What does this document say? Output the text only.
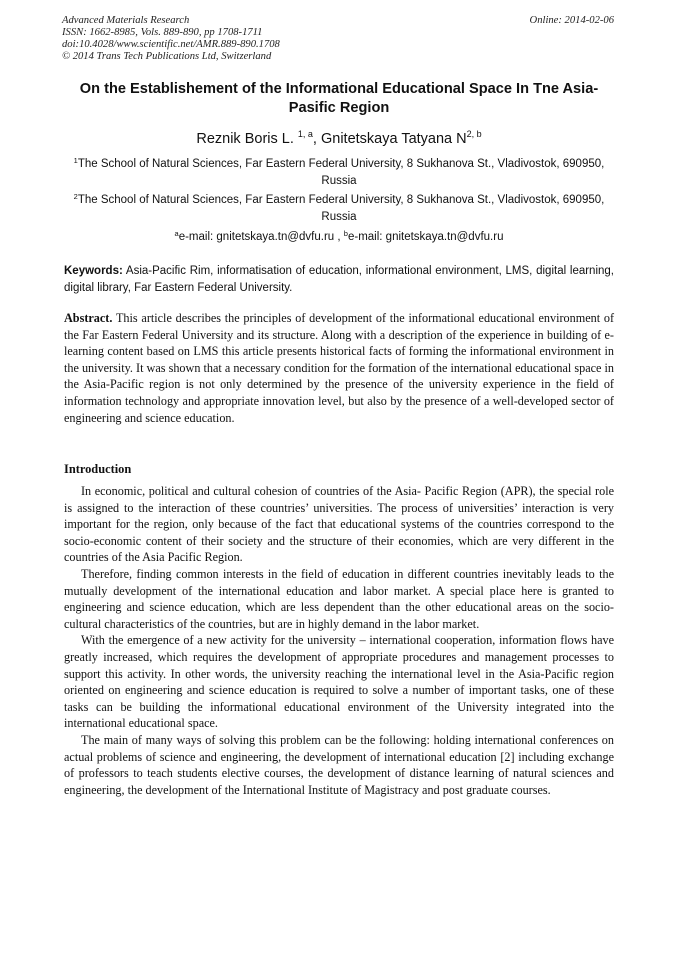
Advanced Materials Research
ISSN: 1662-8985, Vols. 889-890, pp 1708-1711
doi:10.4028/www.scientific.net/AMR.889-890.1708
© 2014 Trans Tech Publications Ltd, Switzerland
Online: 2014-02-06
On the Establishement of the Informational Educational Space In Tne Asia-Pasific Region
Reznik Boris L. $^{1, a}$, Gnitetskaya Tatyana N$^{2, b}$
$^1$The School of Natural Sciences, Far Eastern Federal University, 8 Sukhanova St., Vladivostok, 690950, Russia
$^2$The School of Natural Sciences, Far Eastern Federal University, 8 Sukhanova St., Vladivostok, 690950, Russia
$^a$e-mail: gnitetskaya.tn@dvfu.ru , $^b$e-mail: gnitetskaya.tn@dvfu.ru
Keywords: Asia-Pacific Rim, informatisation of education, informational environment, LMS, digital learning, digital library, Far Eastern Federal University.
Abstract. This article describes the principles of development of the informational educational environment of the Far Eastern Federal University and its structure. Along with a description of the experience in building of e-learning content based on LMS this article presents historical facts of forming the informational environment in the university. It was shown that a necessary condition for the formation of the international educational space in the Asia-Pacific region is not only determined by the presence of the university experience in the field of information technology and appropriate innovation level, but also by the presence of a well-developed sector of engineering and science education.
Introduction

In economic, political and cultural cohesion of countries of the Asia- Pacific Region (APR), the special role is assigned to the interaction of these countries’ universities. The process of universities’ interaction is very important for the region, only because of the fact that educational systems of the countries correspond to the socio-economic content of their society and the structure of their economies, which are very different in the countries of the Asia Pacific Region.

Therefore, finding common interests in the field of education in different countries inevitably leads to the mutually development of the international education and labor market. A special place here is granted to engineering and science education, which are less dependent than the other educational areas on the socio-cultural characteristics of the countries, but are in highly demand in the labor market.

With the emergence of a new activity for the university – international cooperation, information flows have greatly increased, which requires the development of appropriate procedures and management processes to support this activity. In other words, the university reaching the international level in the Asia-Pacific region oriented on engineering and science education is required to solve a number of important tasks, one of these tasks can be building the informational educational environment of the University integrated into the international educational space.

The main of many ways of solving this problem can be the following: holding international conferences on actual problems of science and engineering, the development of international education [2] including exchange of professors to teach students elective courses, the development of distance learning of natural sciences and engineering, the development of the International Institute of Magistracy and post graduate courses.
